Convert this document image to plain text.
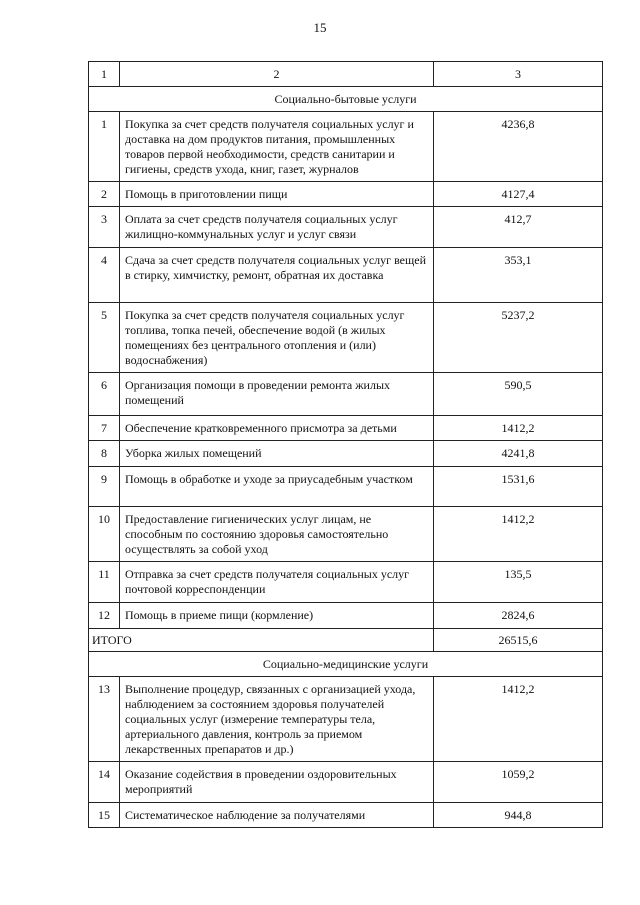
15
1	2	3
Социально-бытовые услуги		
1	Покупка за счет средств получателя социальных услуг и доставка на дом продуктов питания, промышленных товаров первой необходимости, средств санитарии и гигиены, средств ухода, книг, газет, журналов	4236,8
2	Помощь в приготовлении пищи	4127,4
3	Оплата за счет средств получателя социальных услуг жилищно-коммунальных услуг и услуг связи	412,7
4	Сдача за счет средств получателя социальных услуг вещей в стирку, химчистку, ремонт, обратная их доставка	353,1
5	Покупка за счет средств получателя социальных услуг топлива, топка печей, обеспечение водой (в жилых помещениях без центрального отопления и (или) водоснабжения)	5237,2
6	Организация помощи в проведении ремонта жилых помещений	590,5
7	Обеспечение кратковременного присмотра за детьми	1412,2
8	Уборка жилых помещений	4241,8
9	Помощь в обработке и уходе за приусадебным участком	1531,6
10	Предоставление гигиенических услуг лицам, не способным по состоянию здоровья самостоятельно осуществлять за собой уход	1412,2
11	Отправка за счет средств получателя социальных услуг почтовой корреспонденции	135,5
12	Помощь в приеме пищи (кормление)	2824,6
ИТОГО		26515,6
Социально-медицинские услуги		
13	Выполнение процедур, связанных с организацией ухода, наблюдением за состоянием здоровья получателей социальных услуг (измерение температуры тела, артериального давления, контроль за приемом лекарственных препаратов и др.)	1412,2
14	Оказание содействия в проведении оздоровительных мероприятий	1059,2
15	Систематическое наблюдение за получателями	944,8
